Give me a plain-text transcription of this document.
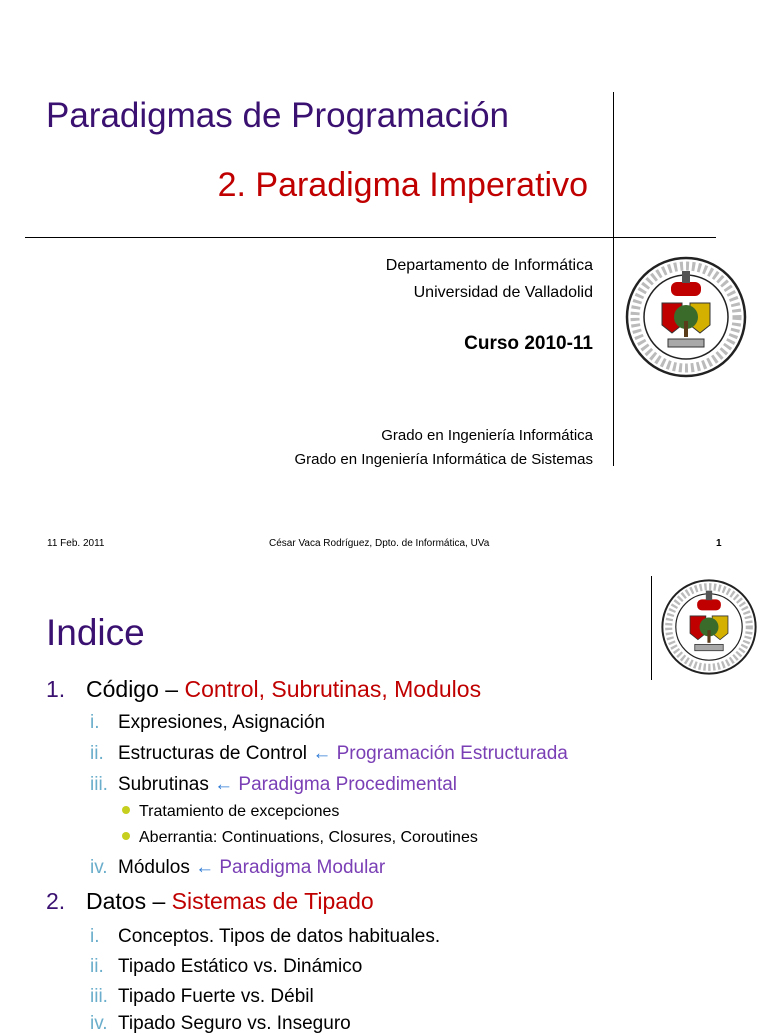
Paradigmas de Programación
2. Paradigma Imperativo
Departamento de Informática
Universidad de Valladolid
Curso 2010-11
Grado en Ingeniería Informática
Grado en Ingeniería Informática de Sistemas
11 Feb. 2011	César Vaca Rodríguez, Dpto. de Informática, UVa	1
Indice
1. Código – Control, Subrutinas, Modulos
i. Expresiones, Asignación
ii. Estructuras de Control ← Programación Estructurada
iii. Subrutinas ← Paradigma Procedimental
Tratamiento de excepciones
Aberrantia: Continuations, Closures, Coroutines
iv. Módulos ← Paradigma Modular
2. Datos – Sistemas de Tipado
i. Conceptos. Tipos de datos habituales.
ii. Tipado Estático vs. Dinámico
iii. Tipado Fuerte vs. Débil
iv. Tipado Seguro vs. Inseguro
